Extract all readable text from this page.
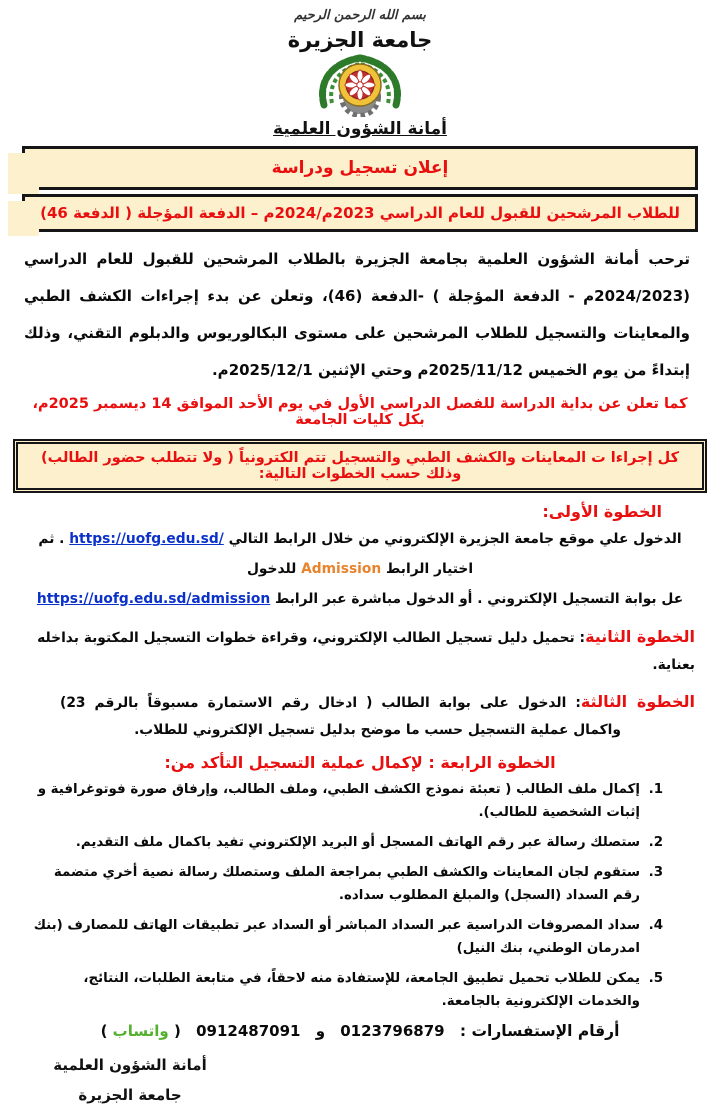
بسم الله الرحمن الرحيم
جامعة الجزيرة
أمانة الشؤون العلمية
إعلان تسجيل ودراسة
للطلاب المرشحين للقبول للعام الدراسي 2023م/2024م – الدفعة المؤجلة ( الدفعة 46)

ترحب أمانة الشؤون العلمية بجامعة الجزيرة بالطلاب المرشحين للقبول للعام الدراسي (2024/2023م - الدفعة المؤجلة ) -الدفعة (46)، وتعلن عن بدء إجراءات الكشف الطبي والمعاينات والتسجيل للطلاب المرشحين على مستوى البكالوريوس والدبلوم التقني، وذلك إبتداءً من يوم الخميس 2025/11/12م وحتي الإثنين 2025/12/1م.

كما تعلن عن بداية الدراسة للفصل الدراسي الأول في يوم الأحد الموافق 14 ديسمبر 2025م، بكل كليات الجامعة

كل إجراءا ت المعاينات والكشف الطبي والتسجيل تتم الكترونياً ( ولا تتطلب حضور الطالب) وذلك حسب الخطوات التالية:
الخطوة الأولى:
الدخول علي موقع جامعة الجزيرة الإلكتروني من خلال الرابط التالي https://uofg.edu.sd/ . ثم اختيار الرابط Admission للدخول
عل بوابة التسجيل الإلكتروني . أو الدخول مباشرة عبر الرابط https://uofg.edu.sd/admission
الخطوة الثانية: تحميل دليل تسجيل الطالب الإلكتروني، وقراءة خطوات التسجيل المكتوبة بداخله بعناية.
الخطوة الثالثة: الدخول على بوابة الطالب ( ادخال رقم الاستمارة مسبوقاً بالرقم 23) واكمال عملية التسجيل حسب ما موضح بدليل تسجيل الإلكتروني للطلاب.
الخطوة الرابعة : لإكمال عملية التسجيل التأكد من:
1. إكمال ملف الطالب ( تعبئة نموذج الكشف الطبي، وملف الطالب، وإرفاق صورة فوتوغرافية و إثبات الشخصية للطالب).
2. ستصلك رسالة عبر رقم الهاتف المسجل أو البريد الإلكتروني تفيد باكمال ملف التقديم.
3. ستقوم لجان المعاينات والكشف الطبي بمراجعة الملف وستصلك رسالة نصية أخري متضمة رقم السداد (السجل) والمبلغ المطلوب سداده.
4. سداد المصروفات الدراسية عبر السداد المباشر أو السداد عبر تطبيقات الهاتف للمصارف (بنك امدرمان الوطني، بنك النيل)
5. يمكن للطلاب تحميل تطبيق الجامعة، للإستفادة منه لاحقاً، في متابعة الطلبات، النتائج، والخدمات الإلكترونية بالجامعة.
أرقام الإستفسارات : 0123796879 و 0912487091 ( واتساب )
أمانة الشؤون العلمية
جامعة الجزيرة
